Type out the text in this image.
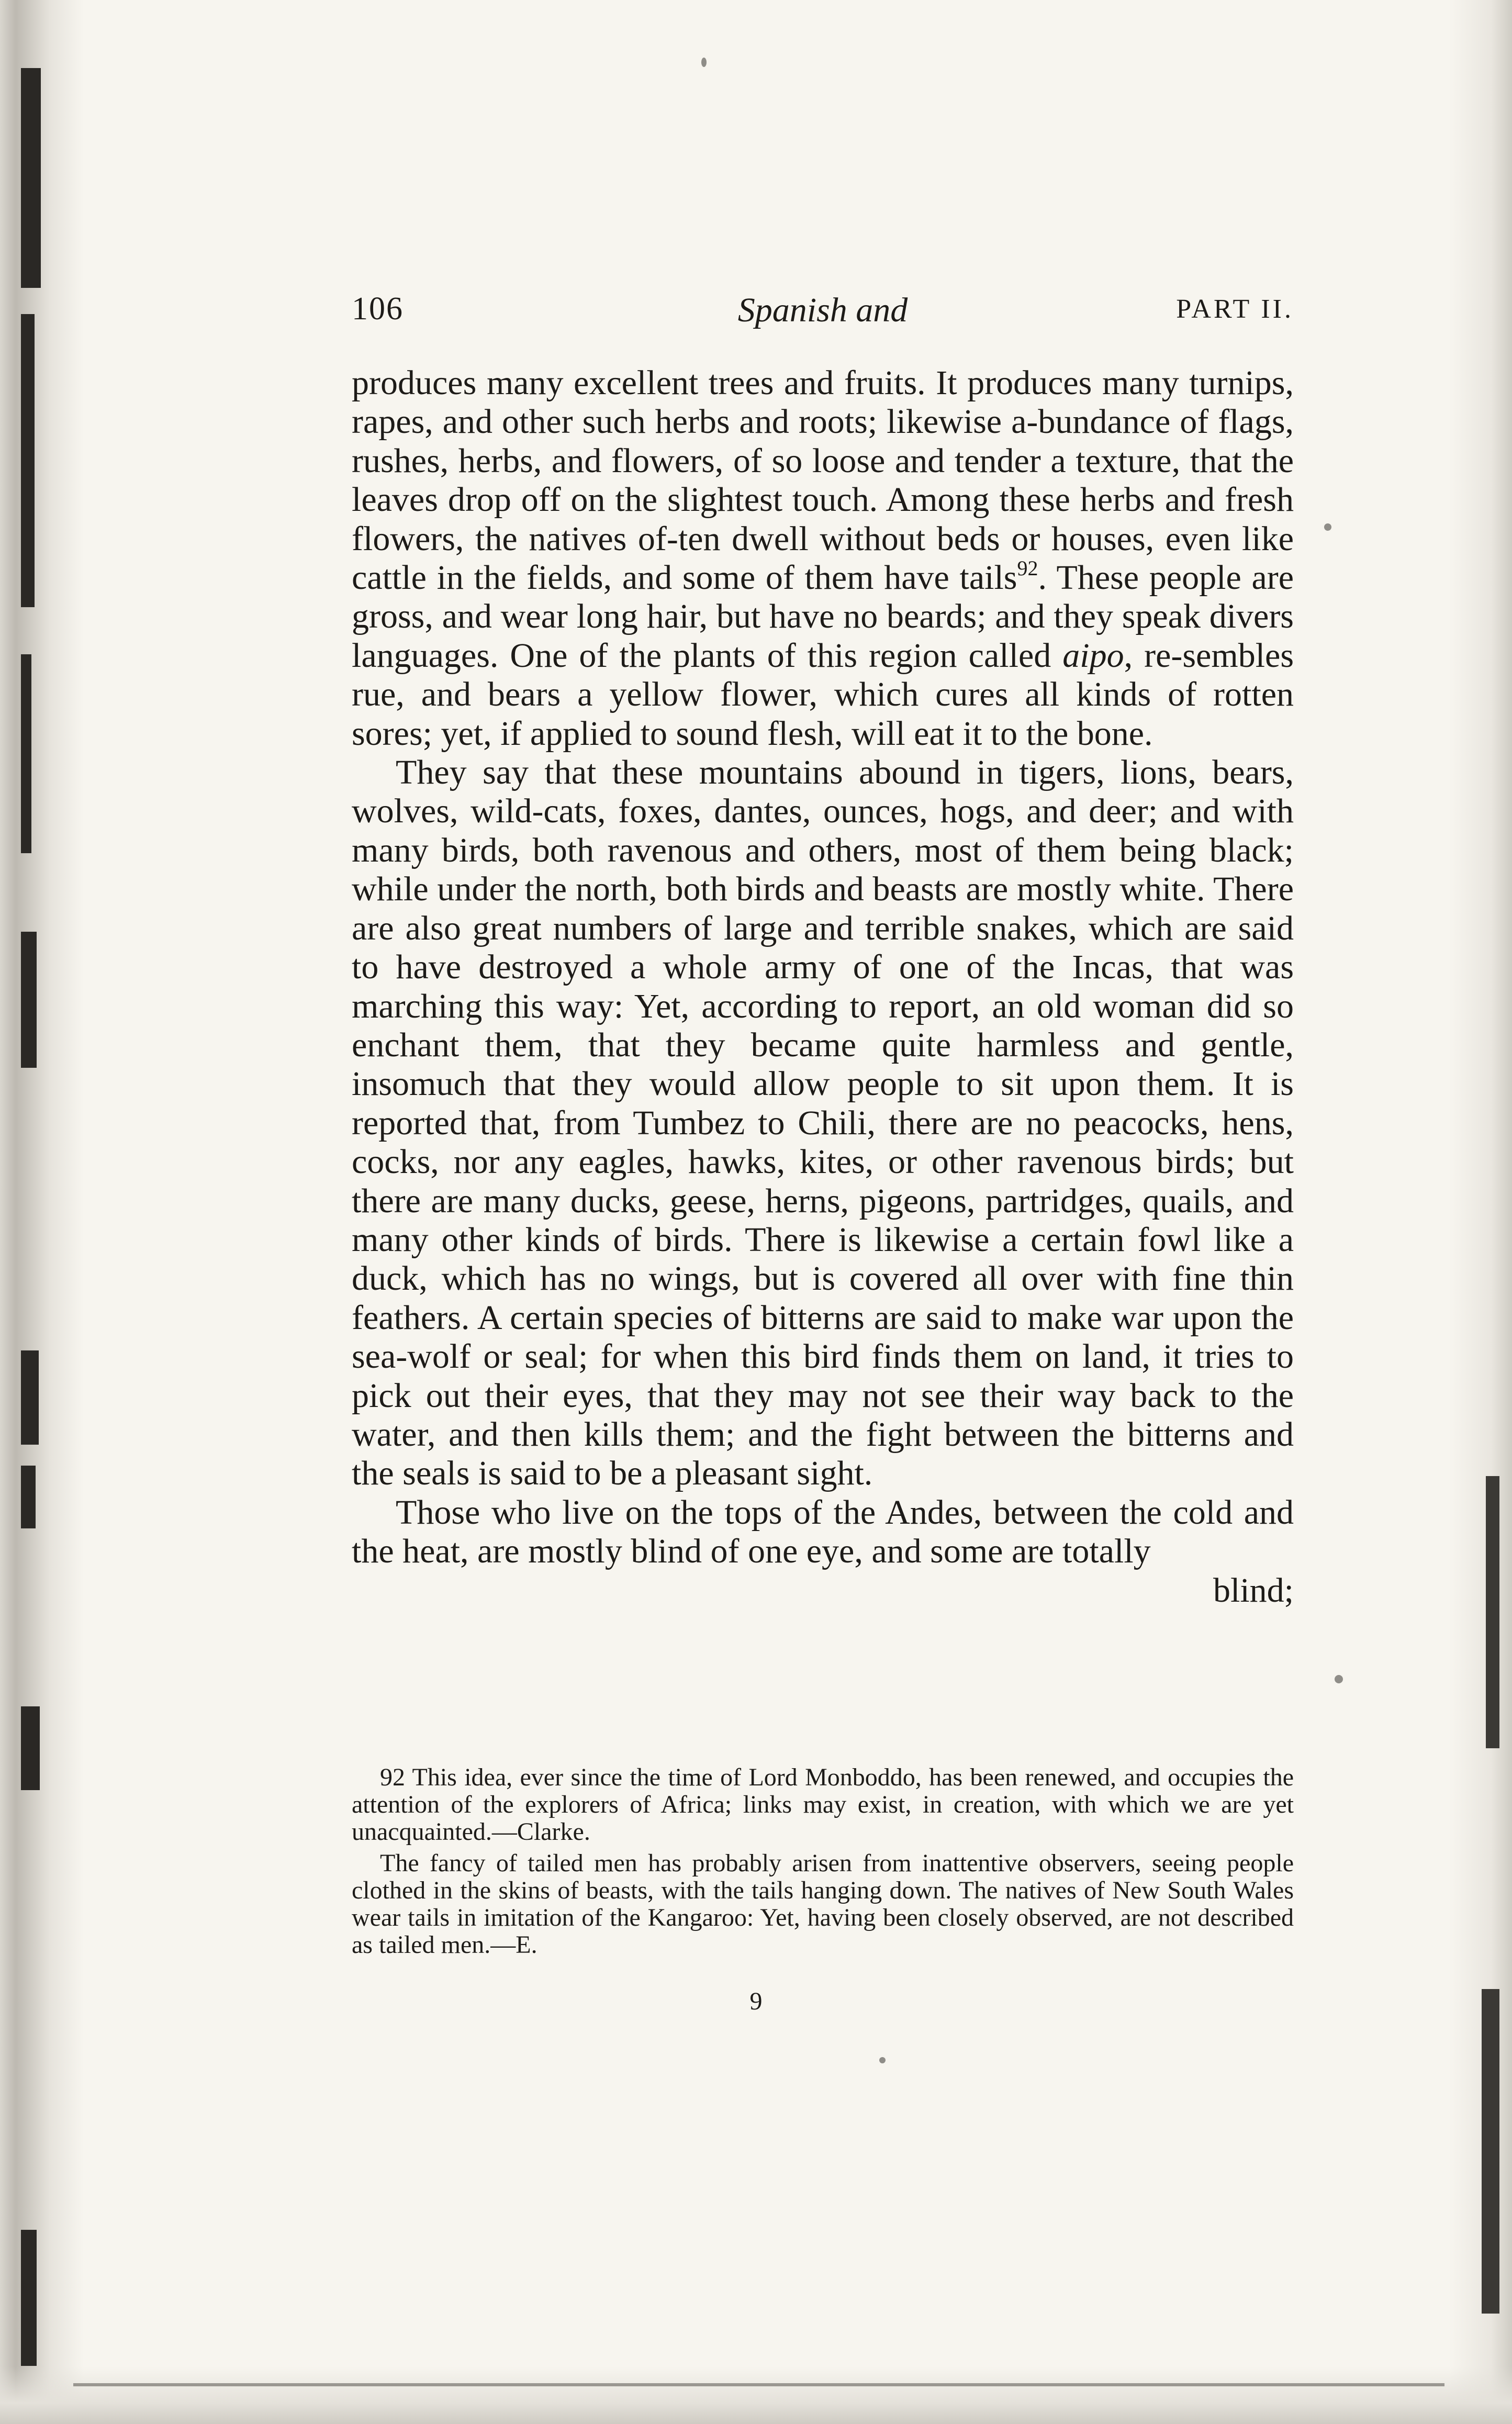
106	Spanish and	PART II.

produces many excellent trees and fruits. It produces many turnips, rapes, and other such herbs and roots; likewise a-bundance of flags, rushes, herbs, and flowers, of so loose and tender a texture, that the leaves drop off on the slightest touch. Among these herbs and fresh flowers, the natives of-ten dwell without beds or houses, even like cattle in the fields, and some of them have tails$^{92}$. These people are gross, and wear long hair, but have no beards; and they speak divers languages. One of the plants of this region called aipo, re-sembles rue, and bears a yellow flower, which cures all kinds of rotten sores; yet, if applied to sound flesh, will eat it to the bone.

They say that these mountains abound in tigers, lions, bears, wolves, wild-cats, foxes, dantes, ounces, hogs, and deer; and with many birds, both ravenous and others, most of them being black; while under the north, both birds and beasts are mostly white. There are also great numbers of large and terrible snakes, which are said to have destroyed a whole army of one of the Incas, that was marching this way: Yet, according to report, an old woman did so enchant them, that they became quite harmless and gentle, insomuch that they would allow people to sit upon them. It is reported that, from Tumbez to Chili, there are no peacocks, hens, cocks, nor any eagles, hawks, kites, or other ravenous birds; but there are many ducks, geese, herns, pigeons, partridges, quails, and many other kinds of birds. There is likewise a certain fowl like a duck, which has no wings, but is covered all over with fine thin feathers. A certain species of bitterns are said to make war upon the sea-wolf or seal; for when this bird finds them on land, it tries to pick out their eyes, that they may not see their way back to the water, and then kills them; and the fight between the bitterns and the seals is said to be a pleasant sight.

Those who live on the tops of the Andes, between the cold and the heat, are mostly blind of one eye, and some are totally

blind;

92 This idea, ever since the time of Lord Monboddo, has been renewed, and occupies the attention of the explorers of Africa; links may exist, in creation, with which we are yet unacquainted.—Clarke.

The fancy of tailed men has probably arisen from inattentive observers, seeing people clothed in the skins of beasts, with the tails hanging down. The natives of New South Wales wear tails in imitation of the Kangaroo: Yet, having been closely observed, are not described as tailed men.—E.

9
